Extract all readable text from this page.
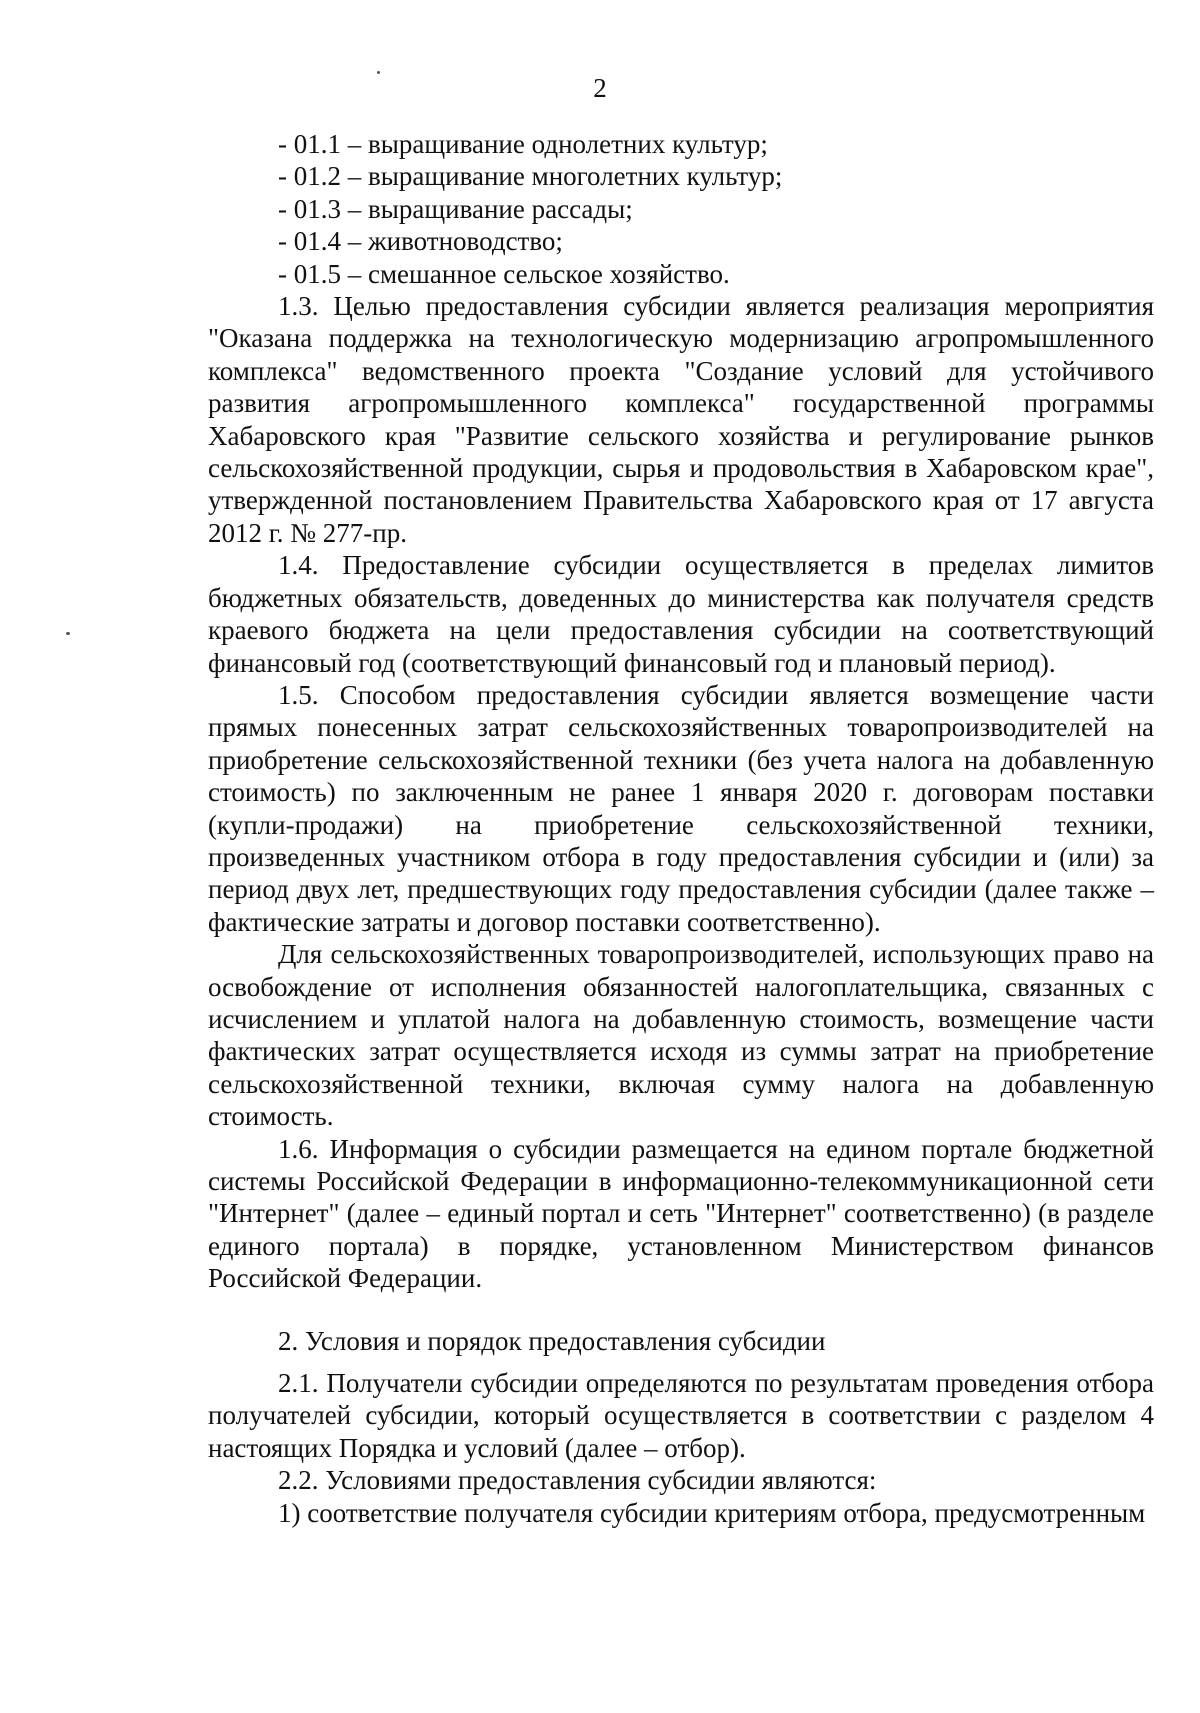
2

- 01.1 – выращивание однолетних культур;

- 01.2 – выращивание многолетних культур;

- 01.3 – выращивание рассады;

- 01.4 – животноводство;

- 01.5 – смешанное сельское хозяйство.

1.3. Целью предоставления субсидии является реализация мероприятия "Оказана поддержка на технологическую модернизацию агропромышленного комплекса" ведомственного проекта "Создание условий для устойчивого развития агропромышленного комплекса" государственной программы Хабаровского края "Развитие сельского хозяйства и регулирование рынков сельскохозяйственной продукции, сырья и продовольствия в Хабаровском крае", утвержденной постановлением Правительства Хабаровского края от 17 августа 2012 г. № 277-пр.

1.4. Предоставление субсидии осуществляется в пределах лимитов бюджетных обязательств, доведенных до министерства как получателя средств краевого бюджета на цели предоставления субсидии на соответствующий финансовый год (соответствующий финансовый год и плановый период).

1.5. Способом предоставления субсидии является возмещение части прямых понесенных затрат сельскохозяйственных товаропроизводителей на приобретение сельскохозяйственной техники (без учета налога на добавленную стоимость) по заключенным не ранее 1 января 2020 г. договорам поставки (купли-продажи) на приобретение сельскохозяйственной техники, произведенных участником отбора в году предоставления субсидии и (или) за период двух лет, предшествующих году предоставления субсидии (далее также – фактические затраты и договор поставки соответственно).

Для сельскохозяйственных товаропроизводителей, использующих право на освобождение от исполнения обязанностей налогоплательщика, связанных с исчислением и уплатой налога на добавленную стоимость, возмещение части фактических затрат осуществляется исходя из суммы затрат на приобретение сельскохозяйственной техники, включая сумму налога на добавленную стоимость.

1.6. Информация о субсидии размещается на едином портале бюджетной системы Российской Федерации в информационно-телекоммуникационной сети "Интернет" (далее – единый портал и сеть "Интернет" соответственно) (в разделе единого портала) в порядке, установленном Министерством финансов Российской Федерации.

2. Условия и порядок предоставления субсидии

2.1. Получатели субсидии определяются по результатам проведения отбора получателей субсидии, который осуществляется в соответствии с разделом 4 настоящих Порядка и условий (далее – отбор).

2.2. Условиями предоставления субсидии являются:

1) соответствие получателя субсидии критериям отбора, предусмотренным
